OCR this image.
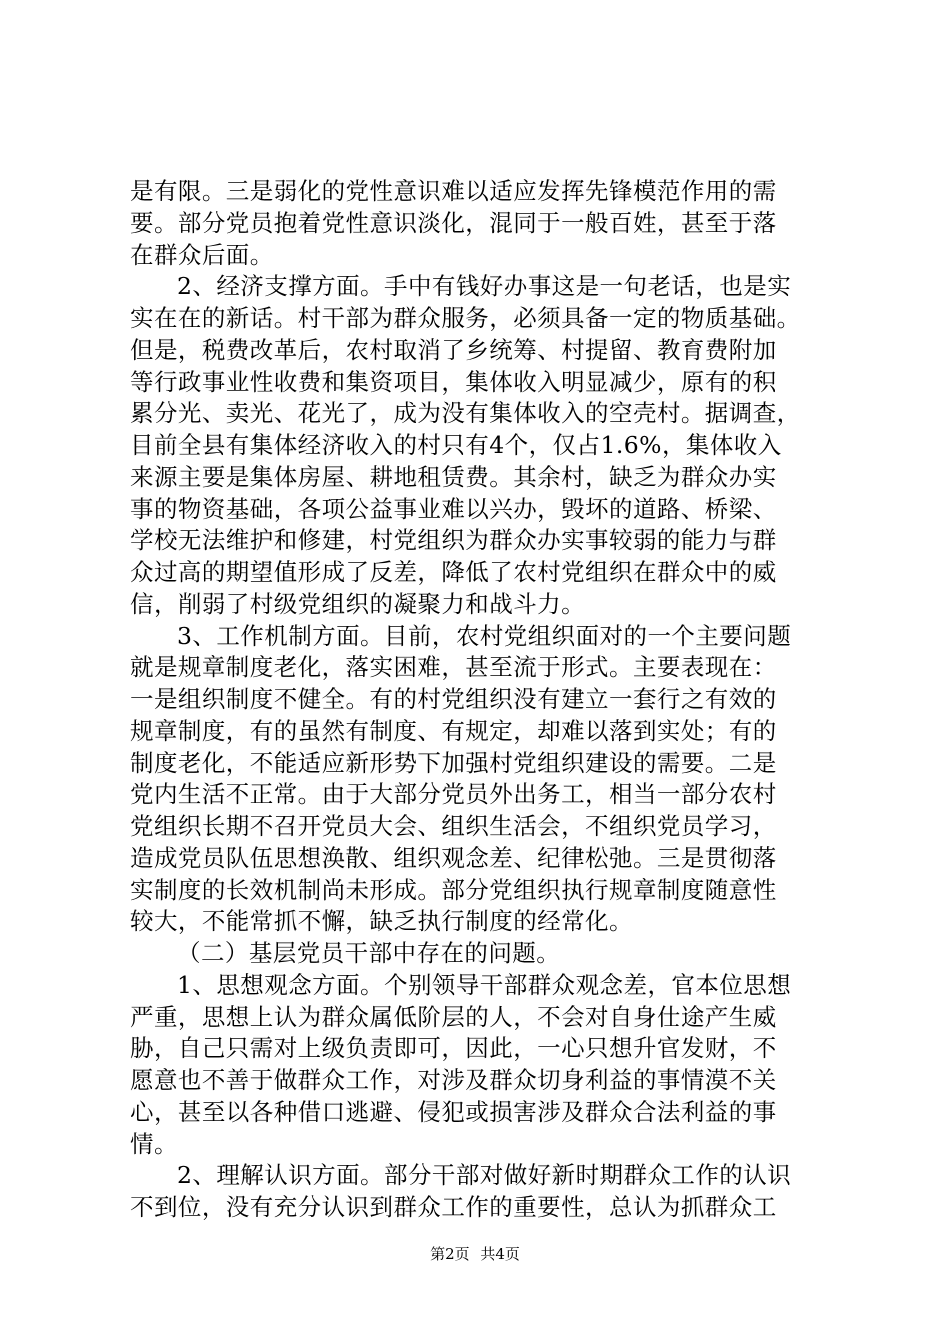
是有限。三是弱化的党性意识难以适应发挥先锋模范作用的需
要。部分党员抱着党性意识淡化，混同于一般百姓，甚至于落
在群众后面。
2、经济支撑方面。手中有钱好办事这是一句老话，也是实
实在在的新话。村干部为群众服务，必须具备一定的物质基础。
但是，税费改革后，农村取消了乡统筹、村提留、教育费附加
等行政事业性收费和集资项目，集体收入明显减少，原有的积
累分光、卖光、花光了，成为没有集体收入的空壳村。据调查，
目前全县有集体经济收入的村只有4个，仅占1.6%，集体收入
来源主要是集体房屋、耕地租赁费。其余村，缺乏为群众办实
事的物资基础，各项公益事业难以兴办，毁坏的道路、桥梁、
学校无法维护和修建，村党组织为群众办实事较弱的能力与群
众过高的期望值形成了反差，降低了农村党组织在群众中的威
信，削弱了村级党组织的凝聚力和战斗力。
3、工作机制方面。目前，农村党组织面对的一个主要问题
就是规章制度老化，落实困难，甚至流于形式。主要表现在：
一是组织制度不健全。有的村党组织没有建立一套行之有效的
规章制度，有的虽然有制度、有规定，却难以落到实处；有的
制度老化，不能适应新形势下加强村党组织建设的需要。二是
党内生活不正常。由于大部分党员外出务工，相当一部分农村
党组织长期不召开党员大会、组织生活会，不组织党员学习，
造成党员队伍思想涣散、组织观念差、纪律松弛。三是贯彻落
实制度的长效机制尚未形成。部分党组织执行规章制度随意性
较大，不能常抓不懈，缺乏执行制度的经常化。
（二）基层党员干部中存在的问题。
1、思想观念方面。个别领导干部群众观念差，官本位思想
严重，思想上认为群众属低阶层的人，不会对自身仕途产生威
胁，自己只需对上级负责即可，因此，一心只想升官发财，不
愿意也不善于做群众工作，对涉及群众切身利益的事情漠不关
心，甚至以各种借口逃避、侵犯或损害涉及群众合法利益的事
情。
2、理解认识方面。部分干部对做好新时期群众工作的认识
不到位，没有充分认识到群众工作的重要性，总认为抓群众工
第2页 共4页
